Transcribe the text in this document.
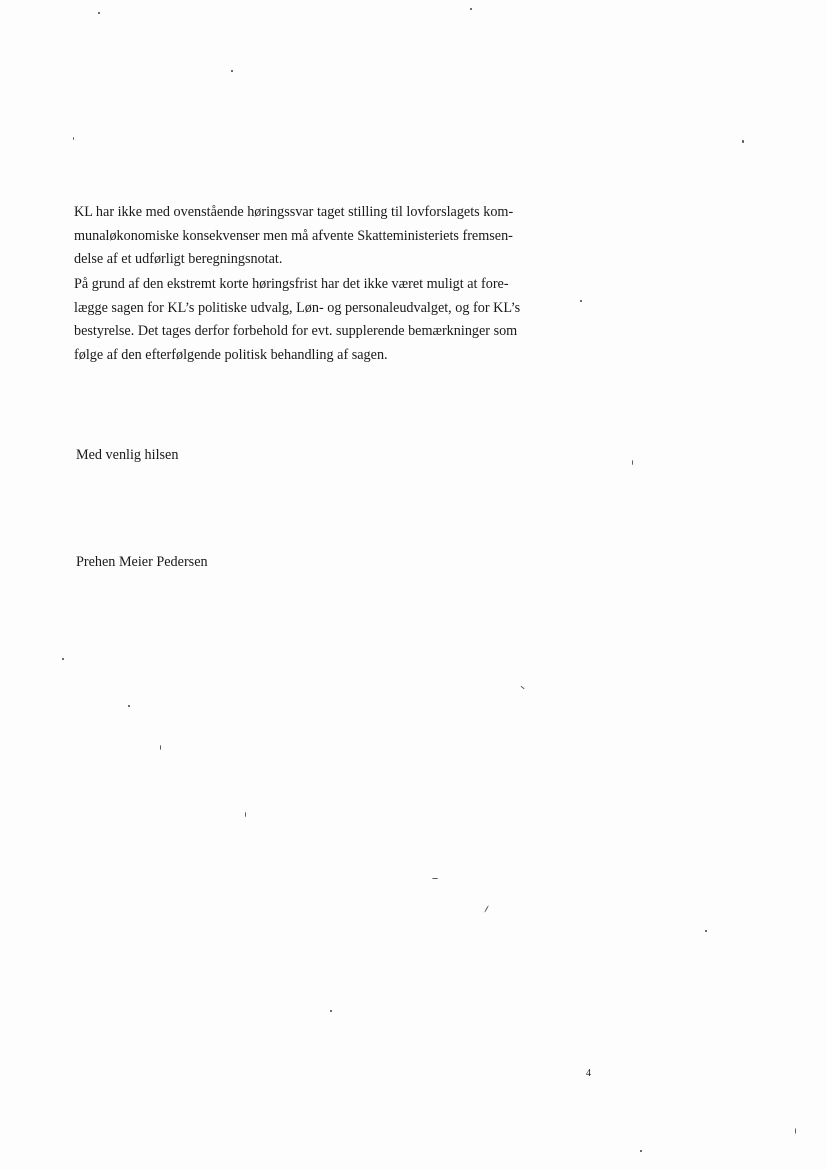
KL har ikke med ovenstående høringssvar taget stilling til lovforslagets kom-
munaløkonomiske konsekvenser men må afvente Skatteministeriets fremsen-
delse af et udførligt beregningsnotat.
På grund af den ekstremt korte høringsfrist har det ikke været muligt at fore-
lægge sagen for KL’s politiske udvalg, Løn- og personaleudvalget, og for KL’s
bestyrelse. Det tages derfor forbehold for evt. supplerende bemærkninger som
følge af den efterfølgende politisk behandling af sagen.

Med venlig hilsen

Prehen Meier Pedersen

4
